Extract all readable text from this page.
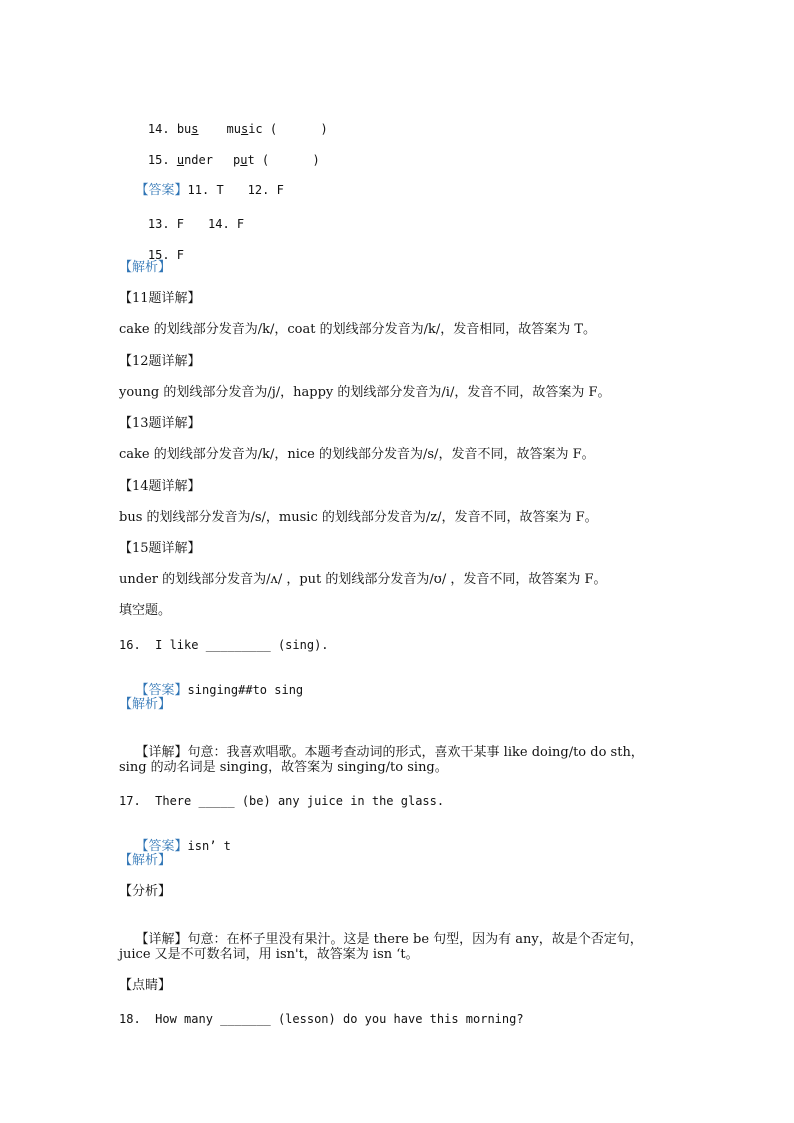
14. bus music (      )

15. under put (      )

【答案】11. T 12. F

13. F 14. F

15. F

【解析】
【11题详解】
cake 的划线部分发音为/k/，coat 的划线部分发音为/k/，发音相同，故答案为 T。
【12题详解】
young 的划线部分发音为/j/，happy 的划线部分发音为/i/，发音不同，故答案为 F。
【13题详解】
cake 的划线部分发音为/k/，nice 的划线部分发音为/s/，发音不同，故答案为 F。
【14题详解】
bus 的划线部分发音为/s/，music 的划线部分发音为/z/，发音不同，故答案为 F。
【15题详解】
under 的划线部分发音为/ʌ/ ，put 的划线部分发音为/ʊ/ ，发音不同，故答案为 F。
填空题。
16.  I like _________ (sing).

【答案】singing##to sing

【解析】

【详解】句意：我喜欢唱歌。本题考查动词的形式，喜欢干某事 like doing/to do sth，

sing 的动名词是 singing，故答案为 singing/to sing。
17.  There _____ (be) any juice in the glass.

【答案】isn’ t

【解析】
【分析】

【详解】句意：在杯子里没有果汁。这是 there be 句型，因为有 any，故是个否定句，

juice 又是不可数名词，用 isn't，故答案为 isn ‘t。
【点睛】
18.  How many _______ (lesson) do you have this morning?
